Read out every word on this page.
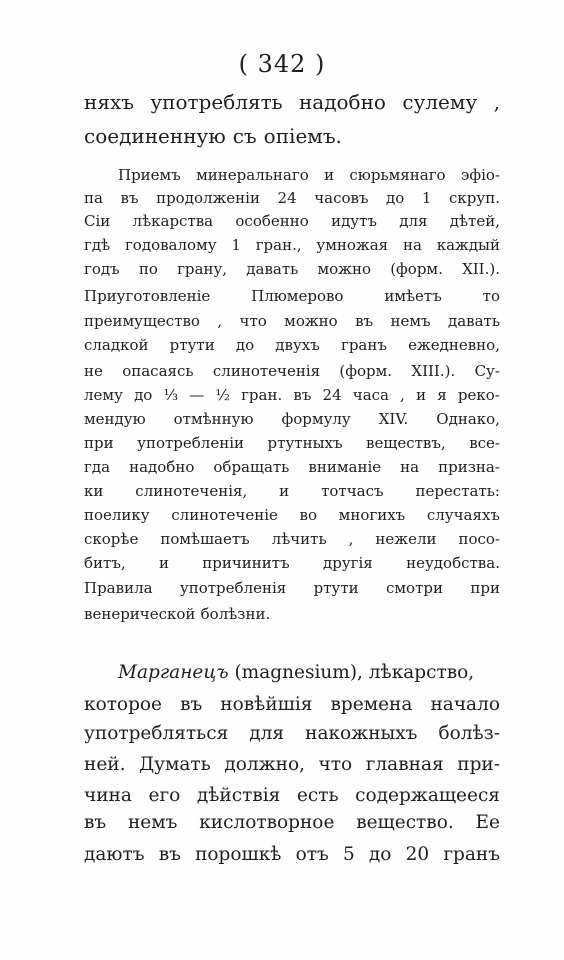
( 342 )
няхъ употреблять надобно сулему ,
соединенную съ опіемъ.
Приемъ минеральнаго и сюрьмянаго эфіо-
па въ продолженіи 24 часовъ до 1 скруп.
Сіи лѣкарства особенно идутъ для дѣтей,
гдѣ годовалому 1 гран., умножая на каждый
годъ по грану, давать можно (форм. XII.).
Приуготовленіе	Плюмерово	имѣетъ	то
преимущество , что можно въ немъ давать
сладкой ртути до двухъ гранъ ежедневно,
не опасаясь слинотеченія (форм. XIII.). Су-
лему до ⅓ — ½ гран. въ 24 часа , и я реко-
мендую отмѣнную формулу XIV. Однако,
при употребленіи ртутныхъ веществъ, все-
гда надобно обращать вниманіе на призна-
ки слинотеченія, и тотчасъ перестать:
поелику слинотеченіе во многихъ случаяхъ
скорѣе помѣшаетъ лѣчить , нежели посо-
битъ, и причинитъ другія неудобства.
Правила употребленія ртути смотри при
венерической болѣзни.
Марганецъ (magnesium), лѣкарство,
которое въ новѣйшія времена начало
употребляться для накожныхъ болѣз-
ней. Думать должно, что главная при-
чина его дѣйствія есть содержащееся
въ немъ кислотворное вещество. Ее
даютъ въ порошкѣ отъ 5 до 20 гранъ
